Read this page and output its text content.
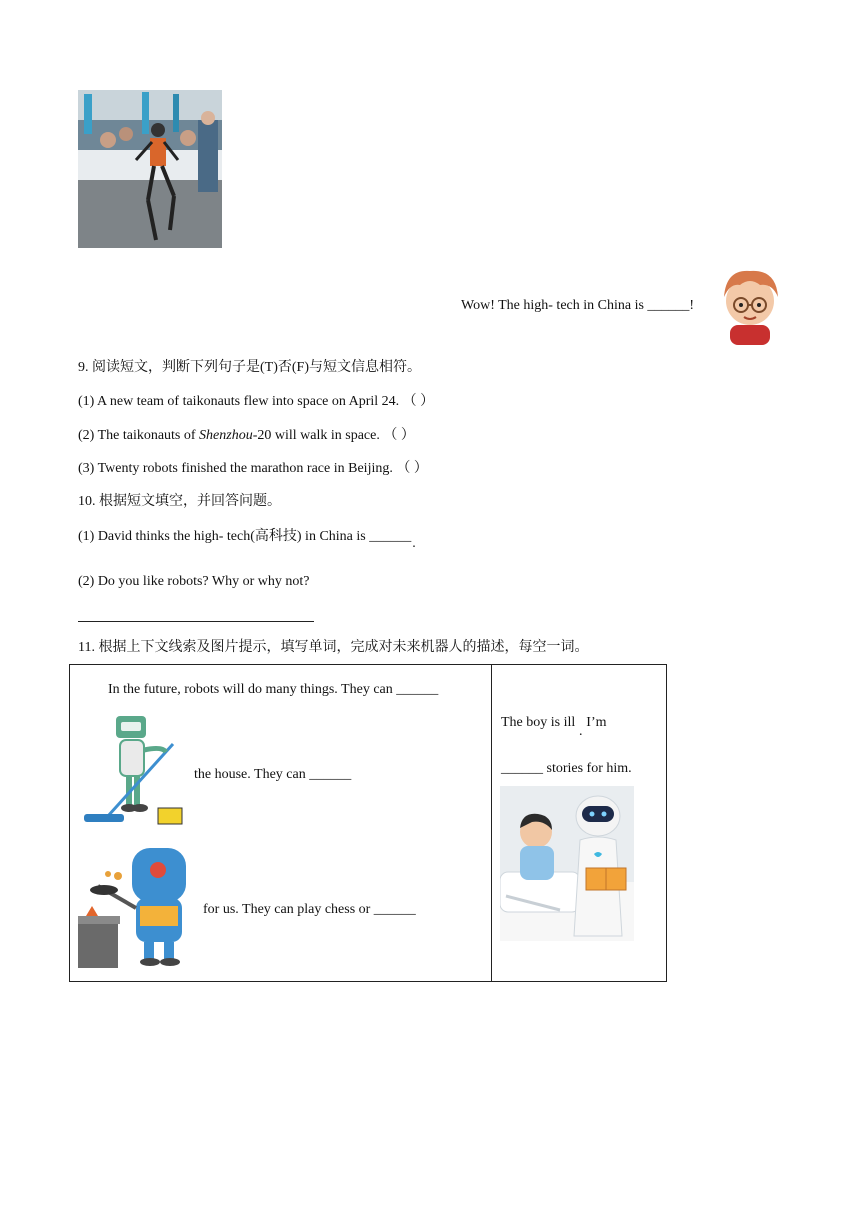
Wow! The high- tech in China is ______!
9. 阅读短文，判断下列句子是(T)否(F)与短文信息相符。
(1) A new team of taikonauts flew into space on April 24. （ ）
(2) The taikonauts of Shenzhou-20 will walk in space. （ ）
(3) Twenty robots finished the marathon race in Beijing. （ ）
10. 根据短文填空，并回答问题。
(1) David thinks the high- tech(高科技) in China is ______.
(2) Do you like robots? Why or why not?
11. 根据上下文线索及图片提示，填写单词，完成对未来机器人的描述，每空一词。
In the future, robots will do many things. They can ______
the house. They can ______
for us. They can play chess or ______
The boy is ill.I’m
______ stories for him.
